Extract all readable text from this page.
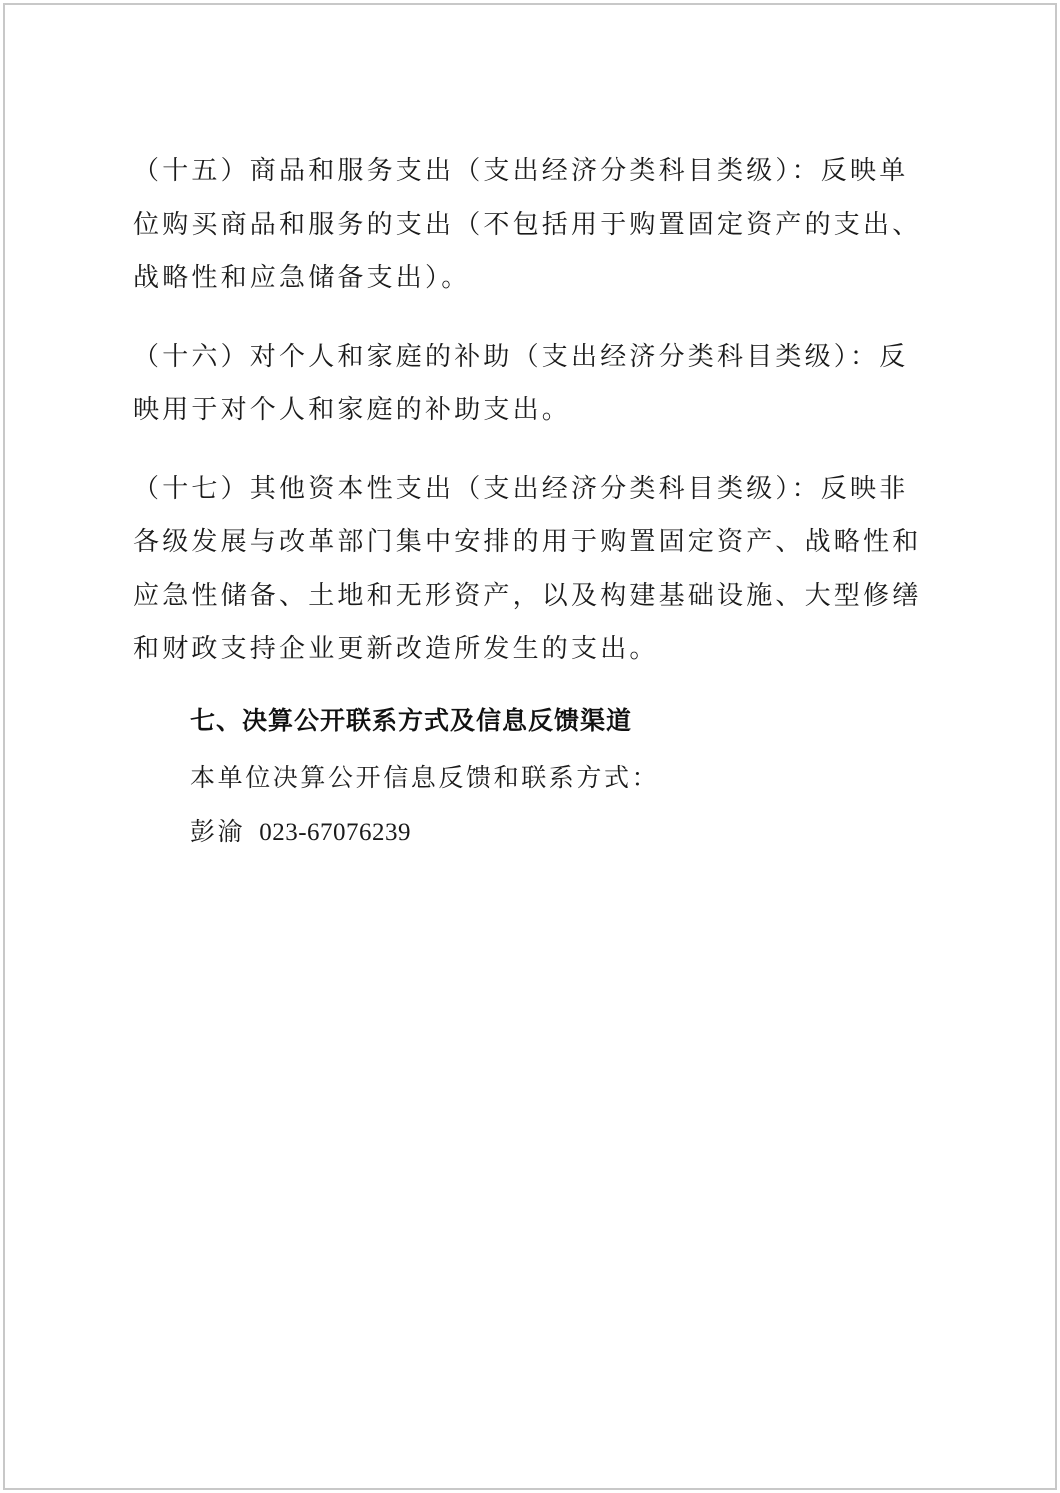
（十五）商品和服务支出（支出经济分类科目类级）：反映单位购买商品和服务的支出（不包括用于购置固定资产的支出、战略性和应急储备支出）。

（十六）对个人和家庭的补助（支出经济分类科目类级）：反映用于对个人和家庭的补助支出。

（十七）其他资本性支出（支出经济分类科目类级）：反映非各级发展与改革部门集中安排的用于购置固定资产、战略性和应急性储备、土地和无形资产，以及构建基础设施、大型修缮和财政支持企业更新改造所发生的支出。

七、决算公开联系方式及信息反馈渠道

本单位决算公开信息反馈和联系方式：

彭渝 023-67076239
